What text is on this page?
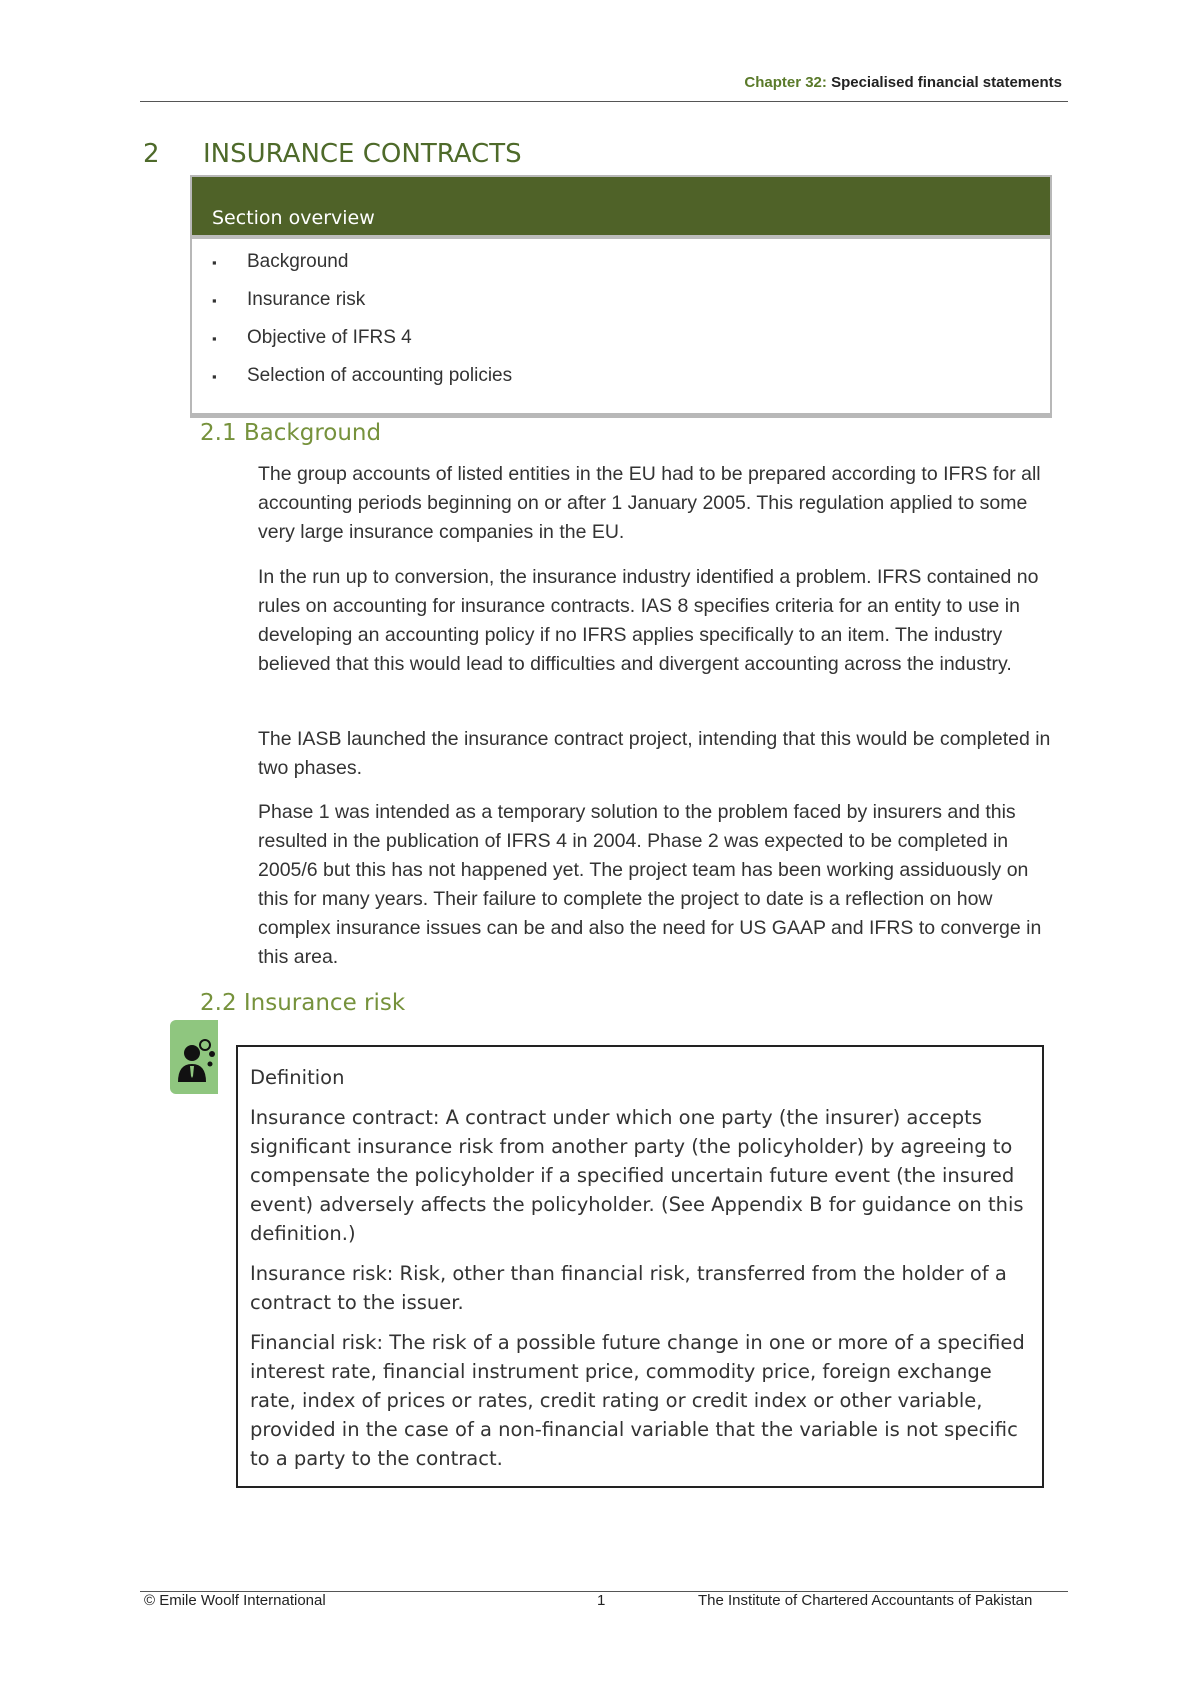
Chapter 32: Specialised financial statements
2 INSURANCE CONTRACTS
Section overview
▪	Background
▪	Insurance risk
▪	Objective of IFRS 4
▪	Selection of accounting policies
2.1 Background

The group accounts of listed entities in the EU had to be prepared according to IFRS for all accounting periods beginning on or after 1 January 2005. This regulation applied to some very large insurance companies in the EU.

In the run up to conversion, the insurance industry identified a problem. IFRS contained no rules on accounting for insurance contracts. IAS 8 specifies criteria for an entity to use in developing an accounting policy if no IFRS applies specifically to an item. The industry believed that this would lead to difficulties and divergent accounting across the industry.

The IASB launched the insurance contract project, intending that this would be completed in two phases.

Phase 1 was intended as a temporary solution to the problem faced by insurers and this resulted in the publication of IFRS 4 in 2004. Phase 2 was expected to be completed in 2005/6 but this has not happened yet. The project team has been working assiduously on this for many years. Their failure to complete the project to date is a reflection on how complex insurance issues can be and also the need for US GAAP and IFRS to converge in this area.

2.2 Insurance risk

Definition

Insurance contract: A contract under which one party (the insurer) accepts significant insurance risk from another party (the policyholder) by agreeing to compensate the policyholder if a specified uncertain future event (the insured event) adversely affects the policyholder. (See Appendix B for guidance on this definition.)

Insurance risk: Risk, other than financial risk, transferred from the holder of a contract to the issuer.

Financial risk: The risk of a possible future change in one or more of a specified interest rate, financial instrument price, commodity price, foreign exchange rate, index of prices or rates, credit rating or credit index or other variable, provided in the case of a non-financial variable that the variable is not specific to a party to the contract.

© Emile Woolf International	1	The Institute of Chartered Accountants of Pakistan
